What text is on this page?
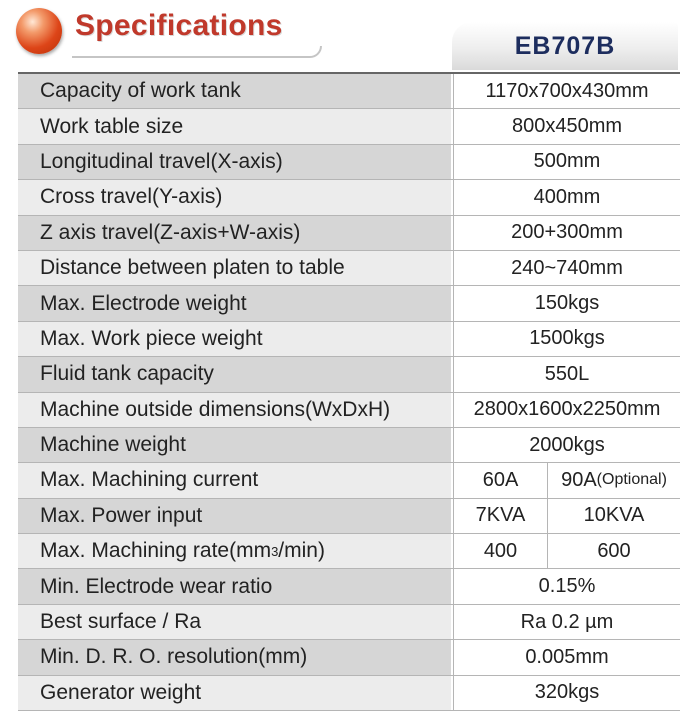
Specifications
EB707B
Capacity of work tank	1170x700x430mm
Work table size	800x450mm
Longitudinal travel(X-axis)	500mm
Cross travel(Y-axis)	400mm
Z axis travel(Z-axis+W-axis)	200+300mm
Distance between platen to table	240~740mm
Max. Electrode weight	150kgs
Max. Work piece weight	1500kgs
Fluid tank capacity	550L
Machine outside dimensions(WxDxH)	2800x1600x2250mm
Machine weight	2000kgs
Max. Machining current	60A	90A (Optional)
Max. Power input	7KVA	10KVA
Max. Machining rate(mm 3 /min)	400	600
Min. Electrode wear ratio	0.15%
Best surface / Ra	Ra 0.2 µm
Min. D. R. O. resolution(mm)	0.005mm
Generator weight	320kgs
